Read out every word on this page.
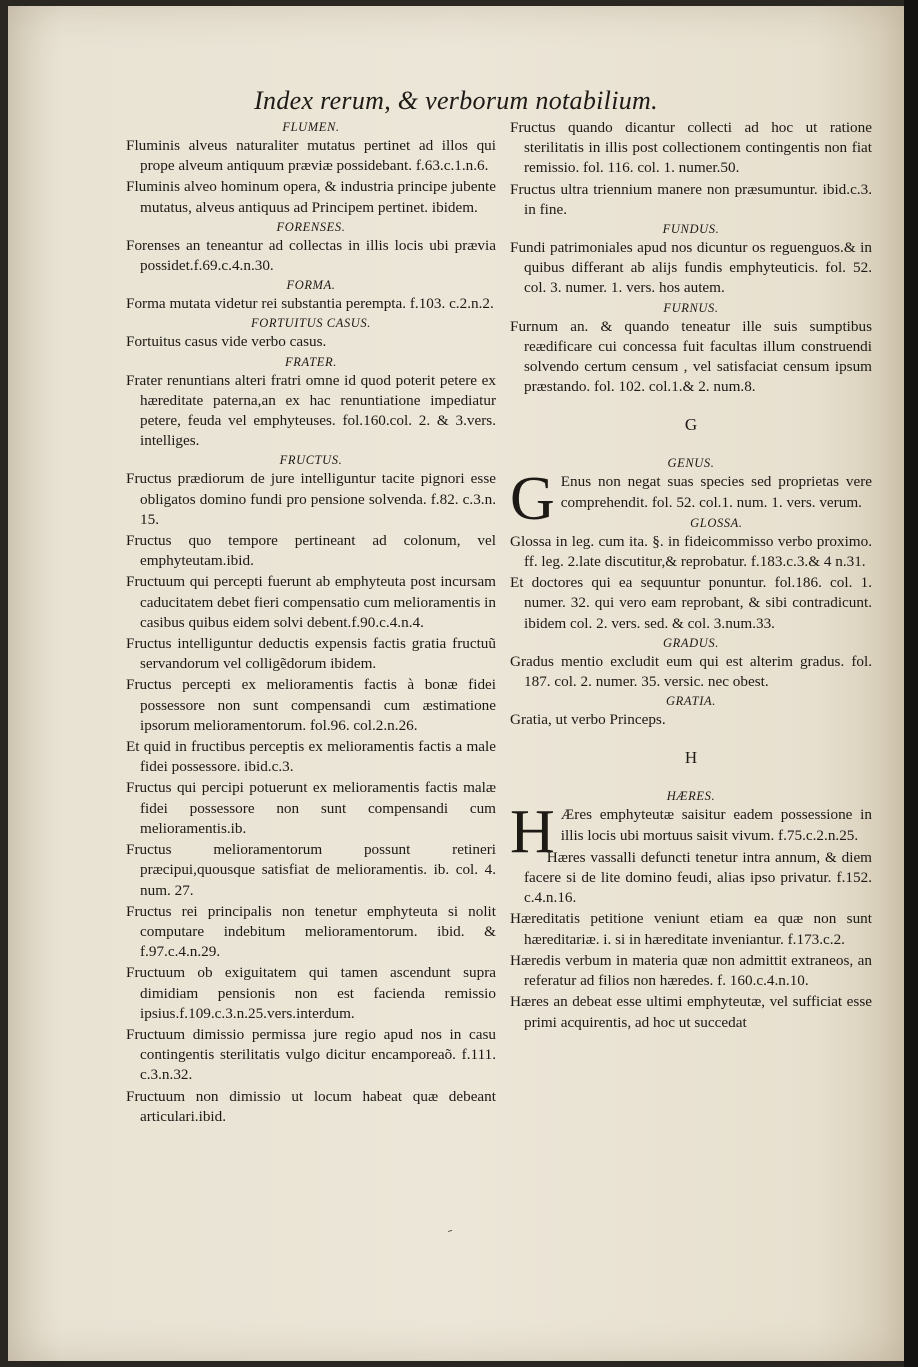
Index rerum, & verborum notabilium.
FLUMEN.
Fluminis alveus naturaliter mutatus pertinet ad illos qui prope alveum antiquum præviæ possidebant. f.63.c.1.n.6.
Fluminis alveo hominum opera, & industria principe jubente mutatus, alveus antiquus ad Principem pertinet. ibidem.
FORENSES.
Forenses an teneantur ad collectas in illis locis ubi prævia possidet.f.69.c.4.n.30.
FORMA.
Forma mutata videtur rei substantia perempta. f.103. c.2.n.2.
FORTUITUS CASUS.
Fortuitus casus vide verbo casus.
FRATER.
Frater renuntians alteri fratri omne id quod poterit petere ex hæreditate paterna,an ex hac renuntiatione impediatur petere, feuda vel emphyteuses. fol.160.col. 2. & 3.vers. intelliges.
FRUCTUS.
Fructus prædiorum de jure intelliguntur tacite pignori esse obligatos domino fundi pro pensione solvenda. f.82. c.3.n. 15.
Fructus quo tempore pertineant ad colonum, vel emphyteutam.ibid.
Fructuum qui percepti fuerunt ab emphyteuta post incursam caducitatem debet fieri compensatio cum melioramentis in casibus quibus eidem solvi debent.f.90.c.4.n.4.
Fructus intelliguntur deductis expensis factis gratia fructuũ servandorum vel colligẽdorum ibidem.
Fructus percepti ex melioramentis factis à bonæ fidei possessore non sunt compensandi cum æstimatione ipsorum melioramentorum. fol.96. col.2.n.26.
Et quid in fructibus perceptis ex melioramentis factis a male fidei possessore. ibid.c.3.
Fructus qui percipi potuerunt ex melioramentis factis malæ fidei possessore non sunt compensandi cum melioramentis.ib.
Fructus melioramentorum possunt retineri præcipui,quousque satisfiat de melioramentis. ib. col. 4. num. 27.
Fructus rei principalis non tenetur emphyteuta si nolit computare indebitum melioramentorum. ibid. & f.97.c.4.n.29.
Fructuum ob exiguitatem qui tamen ascendunt supra dimidiam pensionis non est facienda remissio ipsius.f.109.c.3.n.25.vers.interdum.
Fructuum dimissio permissa jure regio apud nos in casu contingentis sterilitatis vulgo dicitur encamporeaõ. f.111. c.3.n.32.
Fructuum non dimissio ut locum habeat quæ debeant articulari.ibid.
Fructus quando dicantur collecti ad hoc ut ratione sterilitatis in illis post collectionem contingentis non fiat remissio. fol. 116. col. 1. numer.50.
Fructus ultra triennium manere non præsumuntur. ibid.c.3. in fine.
FUNDUS.
Fundi patrimoniales apud nos dicuntur os reguenguos.& in quibus differant ab alijs fundis emphyteuticis. fol. 52. col. 3. numer. 1. vers. hos autem.
FURNUS.
Furnum an. & quando teneatur ille suis sumptibus reædificare cui concessa fuit facultas illum construendi solvendo certum censum , vel satisfaciat censum ipsum præstando. fol. 102. col.1.& 2. num.8.
G
GENUS.
G Enus non negat suas species sed proprietas vere comprehendit. fol. 52. col.1. num. 1. vers. verum.
GLOSSA.
Glossa in leg. cum ita. §. in fideicommisso verbo proximo. ff. leg. 2.late discutitur,& reprobatur. f.183.c.3.& 4 n.31.
Et doctores qui ea sequuntur ponuntur. fol.186. col. 1. numer. 32. qui vero eam reprobant, & sibi contradicunt. ibidem col. 2. vers. sed. & col. 3.num.33.
GRADUS.
Gradus mentio excludit eum qui est alterim gradus. fol. 187. col. 2. numer. 35. versic. nec obest.
GRATIA.
Gratia, ut verbo Princeps.
H
HÆRES.
H Æres emphyteutæ saisitur eadem possessione in illis locis ubi mortuus saisit vivum. f.75.c.2.n.25.
Hæres vassalli defuncti tenetur intra annum, & diem facere si de lite domino feudi, alias ipso privatur. f.152. c.4.n.16.
Hæreditatis petitione veniunt etiam ea quæ non sunt hæreditariæ. i. si in hæreditate inveniantur. f.173.c.2.
Hæredis verbum in materia quæ non admittit extraneos, an referatur ad filios non hæredes. f. 160.c.4.n.10.
Hæres an debeat esse ultimi emphyteutæ, vel sufficiat esse primi acquirentis, ad hoc ut succedat
ﹶ
